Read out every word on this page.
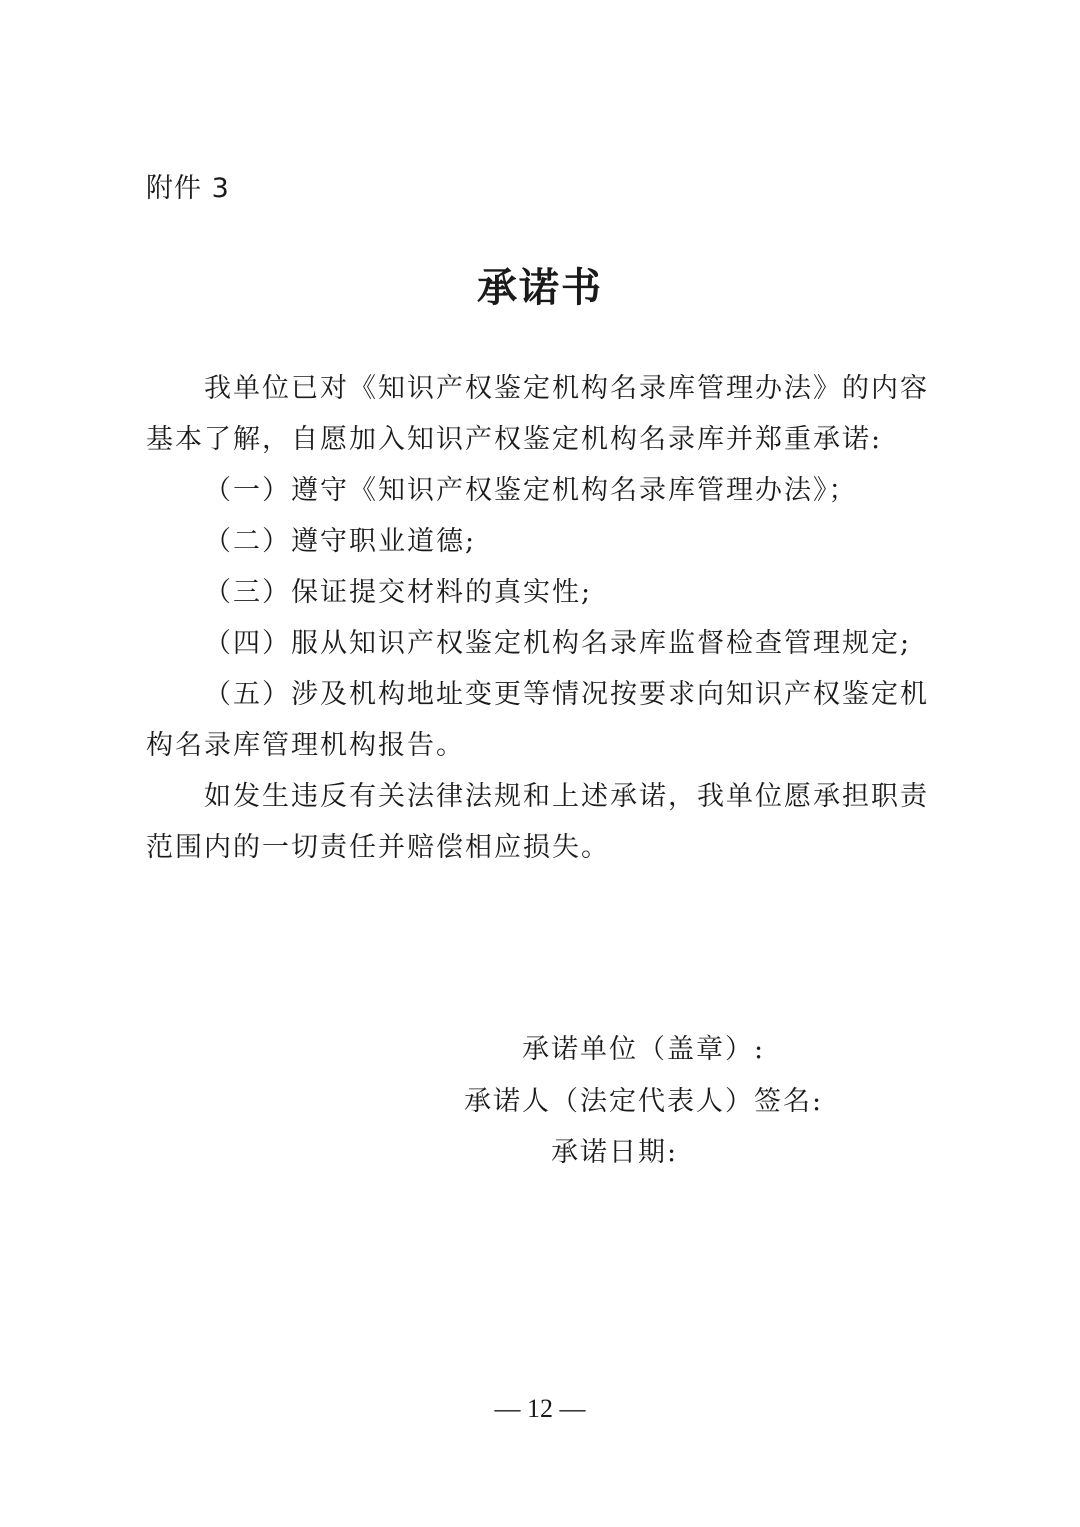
附件 3
承诺书

我单位已对《知识产权鉴定机构名录库管理办法》的内容基本了解，自愿加入知识产权鉴定机构名录库并郑重承诺:

（一）遵守《知识产权鉴定机构名录库管理办法》；

（二）遵守职业道德;

（三）保证提交材料的真实性;

（四）服从知识产权鉴定机构名录库监督检查管理规定;

（五）涉及机构地址变更等情况按要求向知识产权鉴定机构名录库管理机构报告。

如发生违反有关法律法规和上述承诺，我单位愿承担职责范围内的一切责任并赔偿相应损失。

承诺单位（盖章）:
承诺人（法定代表人）签名:
承诺日期:
— 12 —
